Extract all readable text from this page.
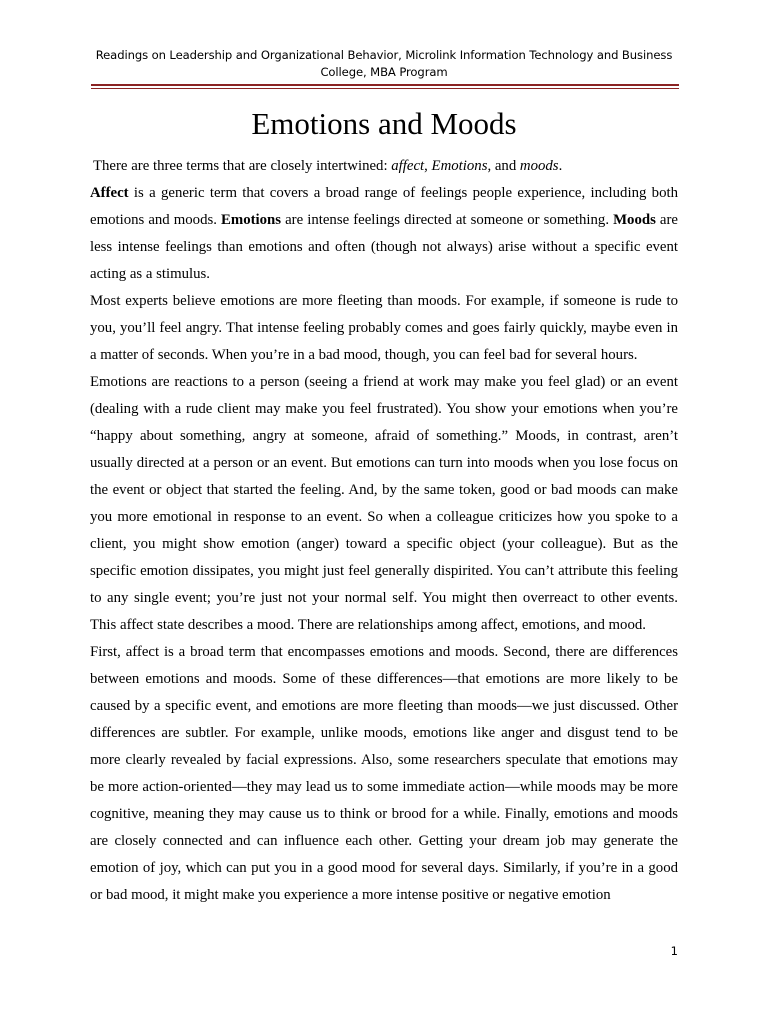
Readings on Leadership and Organizational Behavior, Microlink Information Technology and Business College, MBA Program
Emotions and Moods

There are three terms that are closely intertwined: affect, Emotions, and moods.

Affect is a generic term that covers a broad range of feelings people experience, including both emotions and moods. Emotions are intense feelings directed at someone or something. Moods are less intense feelings than emotions and often (though not always) arise without a specific event acting as a stimulus.

Most experts believe emotions are more fleeting than moods. For example, if someone is rude to you, you’ll feel angry. That intense feeling probably comes and goes fairly quickly, maybe even in a matter of seconds. When you’re in a bad mood, though, you can feel bad for several hours.

Emotions are reactions to a person (seeing a friend at work may make you feel glad) or an event (dealing with a rude client may make you feel frustrated). You show your emotions when you’re “happy about something, angry at someone, afraid of something.” Moods, in contrast, aren’t usually directed at a person or an event. But emotions can turn into moods when you lose focus on the event or object that started the feeling. And, by the same token, good or bad moods can make you more emotional in response to an event. So when a colleague criticizes how you spoke to a client, you might show emotion (anger) toward a specific object (your colleague). But as the specific emotion dissipates, you might just feel generally dispirited. You can’t attribute this feeling to any single event; you’re just not your normal self. You might then overreact to other events. This affect state describes a mood. There are relationships among affect, emotions, and mood.

First, affect is a broad term that encompasses emotions and moods. Second, there are differences between emotions and moods. Some of these differences—that emotions are more likely to be caused by a specific event, and emotions are more fleeting than moods—we just discussed. Other differences are subtler. For example, unlike moods, emotions like anger and disgust tend to be more clearly revealed by facial expressions. Also, some researchers speculate that emotions may be more action-oriented—they may lead us to some immediate action—while moods may be more cognitive, meaning they may cause us to think or brood for a while. Finally, emotions and moods are closely connected and can influence each other. Getting your dream job may generate the emotion of joy, which can put you in a good mood for several days. Similarly, if you’re in a good or bad mood, it might make you experience a more intense positive or negative emotion

1
